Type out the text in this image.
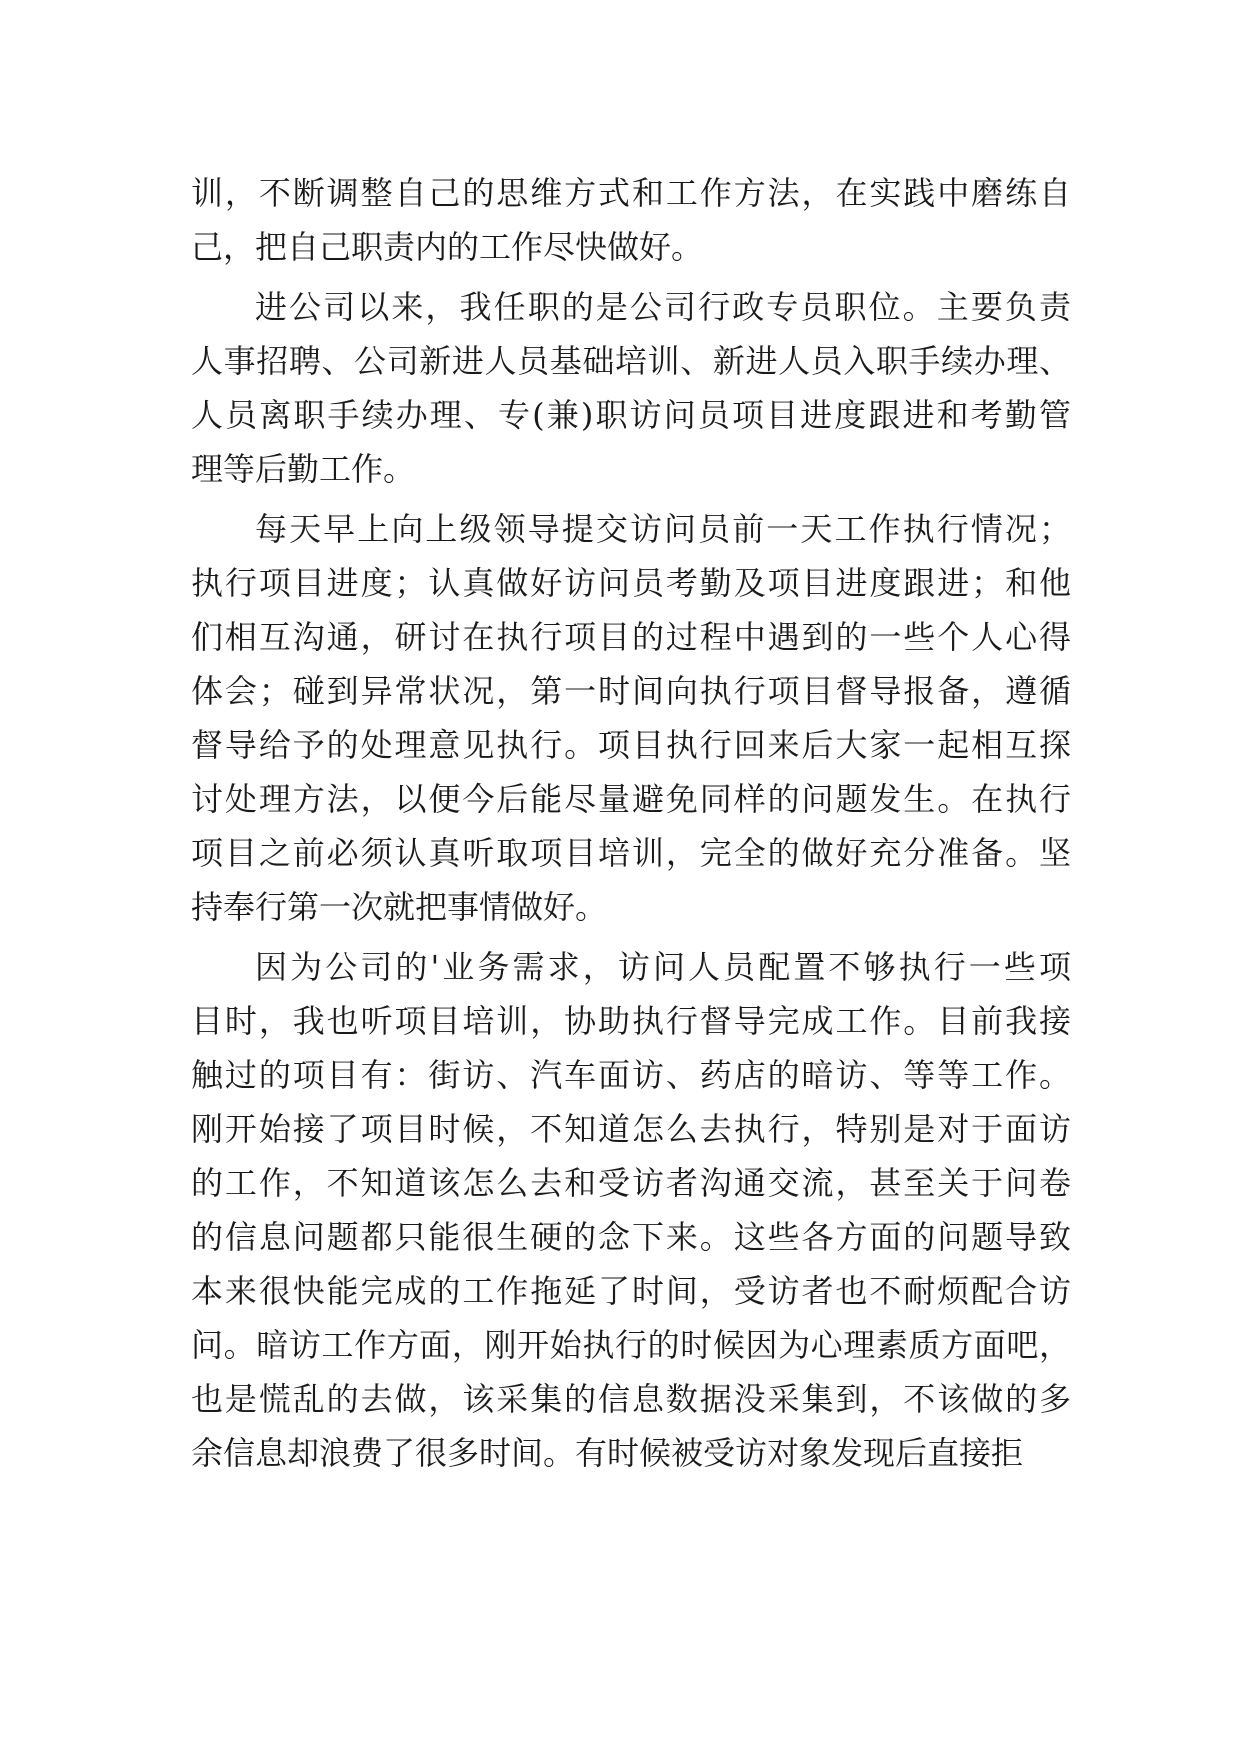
训，不断调整自己的思维方式和工作方法，在实践中磨练自
己，把自己职责内的工作尽快做好。
进公司以来，我任职的是公司行政专员职位。主要负责
人事招聘、公司新进人员基础培训、新进人员入职手续办理、
人员离职手续办理、专(兼)职访问员项目进度跟进和考勤管
理等后勤工作。
每天早上向上级领导提交访问员前一天工作执行情况；
执行项目进度；认真做好访问员考勤及项目进度跟进；和他
们相互沟通，研讨在执行项目的过程中遇到的一些个人心得
体会；碰到异常状况，第一时间向执行项目督导报备，遵循
督导给予的处理意见执行。项目执行回来后大家一起相互探
讨处理方法，以便今后能尽量避免同样的问题发生。在执行
项目之前必须认真听取项目培训，完全的做好充分准备。坚
持奉行第一次就把事情做好。
因为公司的'业务需求，访问人员配置不够执行一些项
目时，我也听项目培训，协助执行督导完成工作。目前我接
触过的项目有：街访、汽车面访、药店的暗访、等等工作。
刚开始接了项目时候，不知道怎么去执行，特别是对于面访
的工作，不知道该怎么去和受访者沟通交流，甚至关于问卷
的信息问题都只能很生硬的念下来。这些各方面的问题导致
本来很快能完成的工作拖延了时间，受访者也不耐烦配合访
问。暗访工作方面，刚开始执行的时候因为心理素质方面吧，
也是慌乱的去做，该采集的信息数据没采集到，不该做的多
余信息却浪费了很多时间。有时候被受访对象发现后直接拒
